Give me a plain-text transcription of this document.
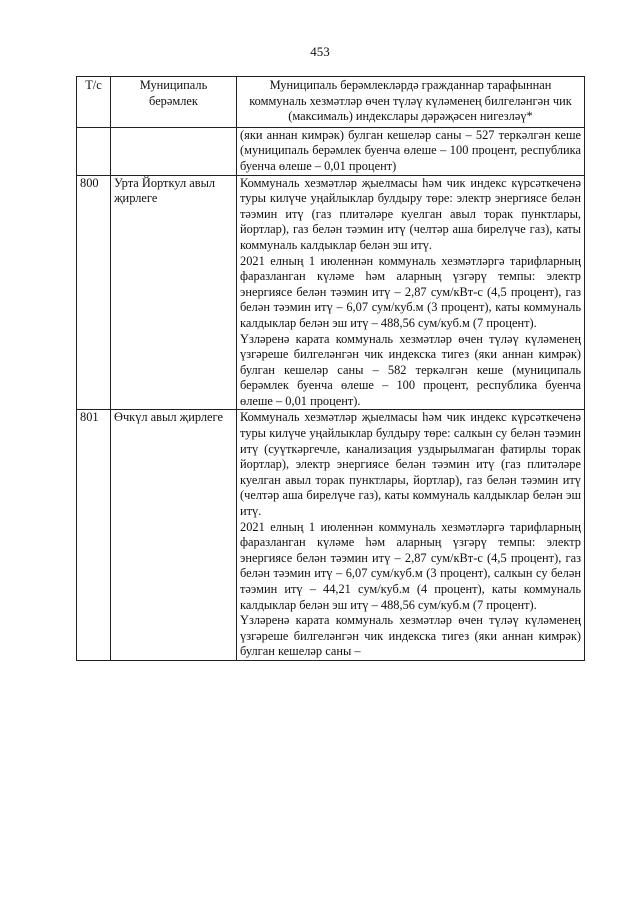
453
Т/с	Муниципаль берәмлек	Муниципаль берәмлекләрдә гражданнар тарафыннан коммуналь хезмәтләр өчен түләү күләменең билгеләнгән чик (максималь) индекслары дәрәҗәсен нигезләү*
		(яки аннан кимрәк) булган кешеләр саны – 527 теркәлгән кеше (муниципаль берәмлек буенча өлеше – 100 процент, республика буенча өлеше – 0,01 процент)
800	Урта Йорткул авыл җирлеге	Коммуналь хезмәтләр җыелмасы һәм чик индекс күрсәткеченә туры килүче уңайлыклар булдыру төре: электр энергиясе белән тәэмин итү (газ плитәләре куелган авыл торак пунктлары, йортлар), газ белән тәэмин итү (челтәр аша бирелүче газ), каты коммуналь калдыклар белән эш итү.

2021 елның 1 июленнән коммуналь хезмәтләргә тарифларның фаразланган күләме һәм аларның үзгәрү темпы: электр энергиясе белән тәэмин итү – 2,87 сум/кВт-с (4,5 процент), газ белән тәэмин итү – 6,07 сум/куб.м (3 процент), каты коммуналь калдыклар белән эш итү – 488,56 сум/куб.м (7 процент).

Үзләренә карата коммуналь хезмәтләр өчен түләү күләменең үзгәреше билгеләнгән чик индекска тигез (яки аннан кимрәк) булган кешеләр саны – 582 теркәлгән кеше (муниципаль берәмлек буенча өлеше – 100 процент, республика буенча өлеше – 0,01 процент).

801	Өчкүл авыл җирлеге	Коммуналь хезмәтләр җыелмасы һәм чик индекс күрсәткеченә туры килүче уңайлыклар булдыру төре: салкын су белән тәэмин итү (суүткәргечле, канализация уздырылмаган фатирлы торак йортлар), электр энергиясе белән тәэмин итү (газ плитәләре куелган авыл торак пунктлары, йортлар), газ белән тәэмин итү (челтәр аша бирелүче газ), каты коммуналь калдыклар белән эш итү.

2021 елның 1 июленнән коммуналь хезмәтләргә тарифларның фаразланган күләме һәм аларның үзгәрү темпы: электр энергиясе белән тәэмин итү – 2,87 сум/кВт-с (4,5 процент), газ белән тәэмин итү – 6,07 сум/куб.м (3 процент), салкын су белән тәэмин итү – 44,21 сум/куб.м (4 процент), каты коммуналь калдыклар белән эш итү – 488,56 сум/куб.м (7 процент).

Үзләренә карата коммуналь хезмәтләр өчен түләү күләменең үзгәреше билгеләнгән чик индекска тигез (яки аннан кимрәк) булган кешеләр саны –
